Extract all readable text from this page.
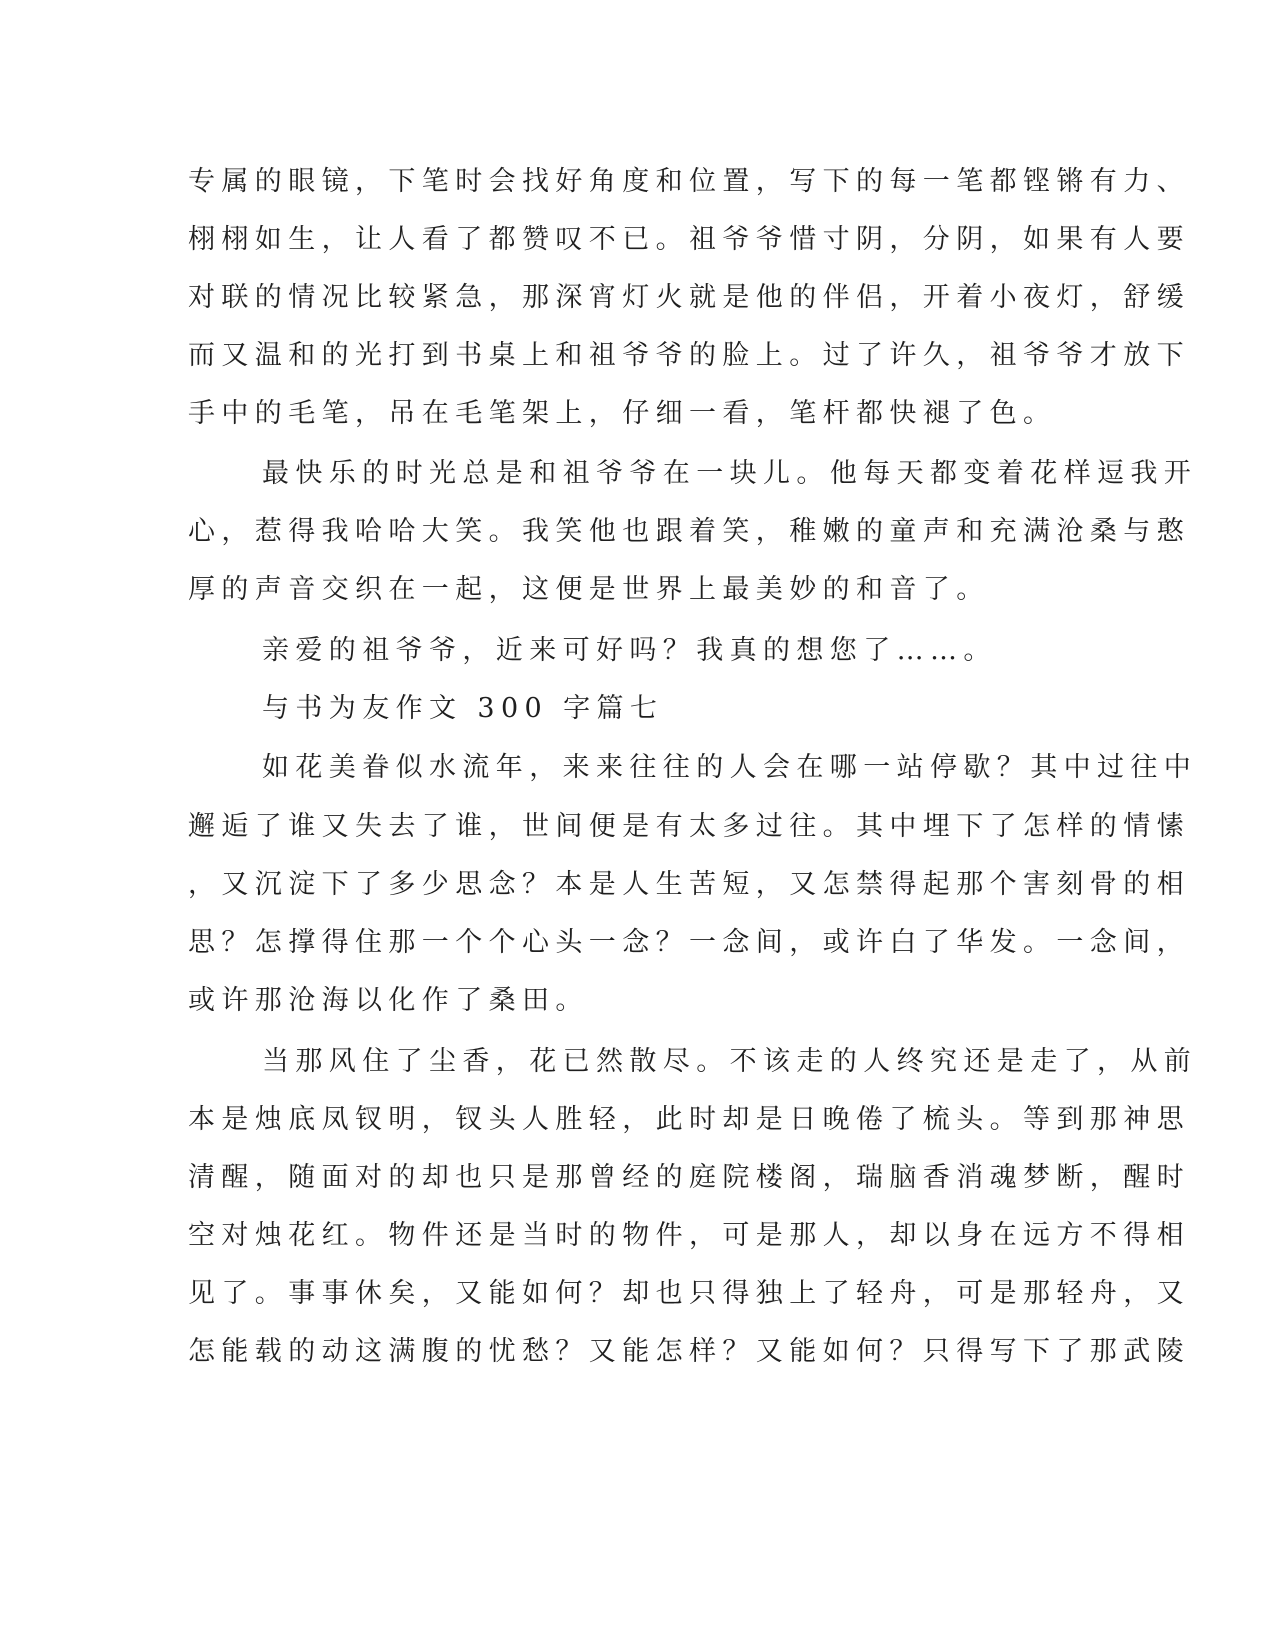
专属的眼镜，下笔时会找好角度和位置，写下的每一笔都铿锵有力、
栩栩如生，让人看了都赞叹不已。祖爷爷惜寸阴，分阴，如果有人要
对联的情况比较紧急，那深宵灯火就是他的伴侣，开着小夜灯，舒缓
而又温和的光打到书桌上和祖爷爷的脸上。过了许久，祖爷爷才放下
手中的毛笔，吊在毛笔架上，仔细一看，笔杆都快褪了色。
最快乐的时光总是和祖爷爷在一块儿。他每天都变着花样逗我开
心，惹得我哈哈大笑。我笑他也跟着笑，稚嫩的童声和充满沧桑与憨
厚的声音交织在一起，这便是世界上最美妙的和音了。
亲爱的祖爷爷，近来可好吗？我真的想您了……。
与书为友作文 300 字篇七
如花美眷似水流年，来来往往的人会在哪一站停歇？其中过往中
邂逅了谁又失去了谁，世间便是有太多过往。其中埋下了怎样的情愫
，又沉淀下了多少思念？本是人生苦短，又怎禁得起那个害刻骨的相
思？怎撑得住那一个个心头一念？一念间，或许白了华发。一念间，
或许那沧海以化作了桑田。
当那风住了尘香，花已然散尽。不该走的人终究还是走了，从前
本是烛底凤钗明，钗头人胜轻，此时却是日晚倦了梳头。等到那神思
清醒，随面对的却也只是那曾经的庭院楼阁，瑞脑香消魂梦断，醒时
空对烛花红。物件还是当时的物件，可是那人，却以身在远方不得相
见了。事事休矣，又能如何？却也只得独上了轻舟，可是那轻舟，又
怎能载的动这满腹的忧愁？又能怎样？又能如何？只得写下了那武陵
